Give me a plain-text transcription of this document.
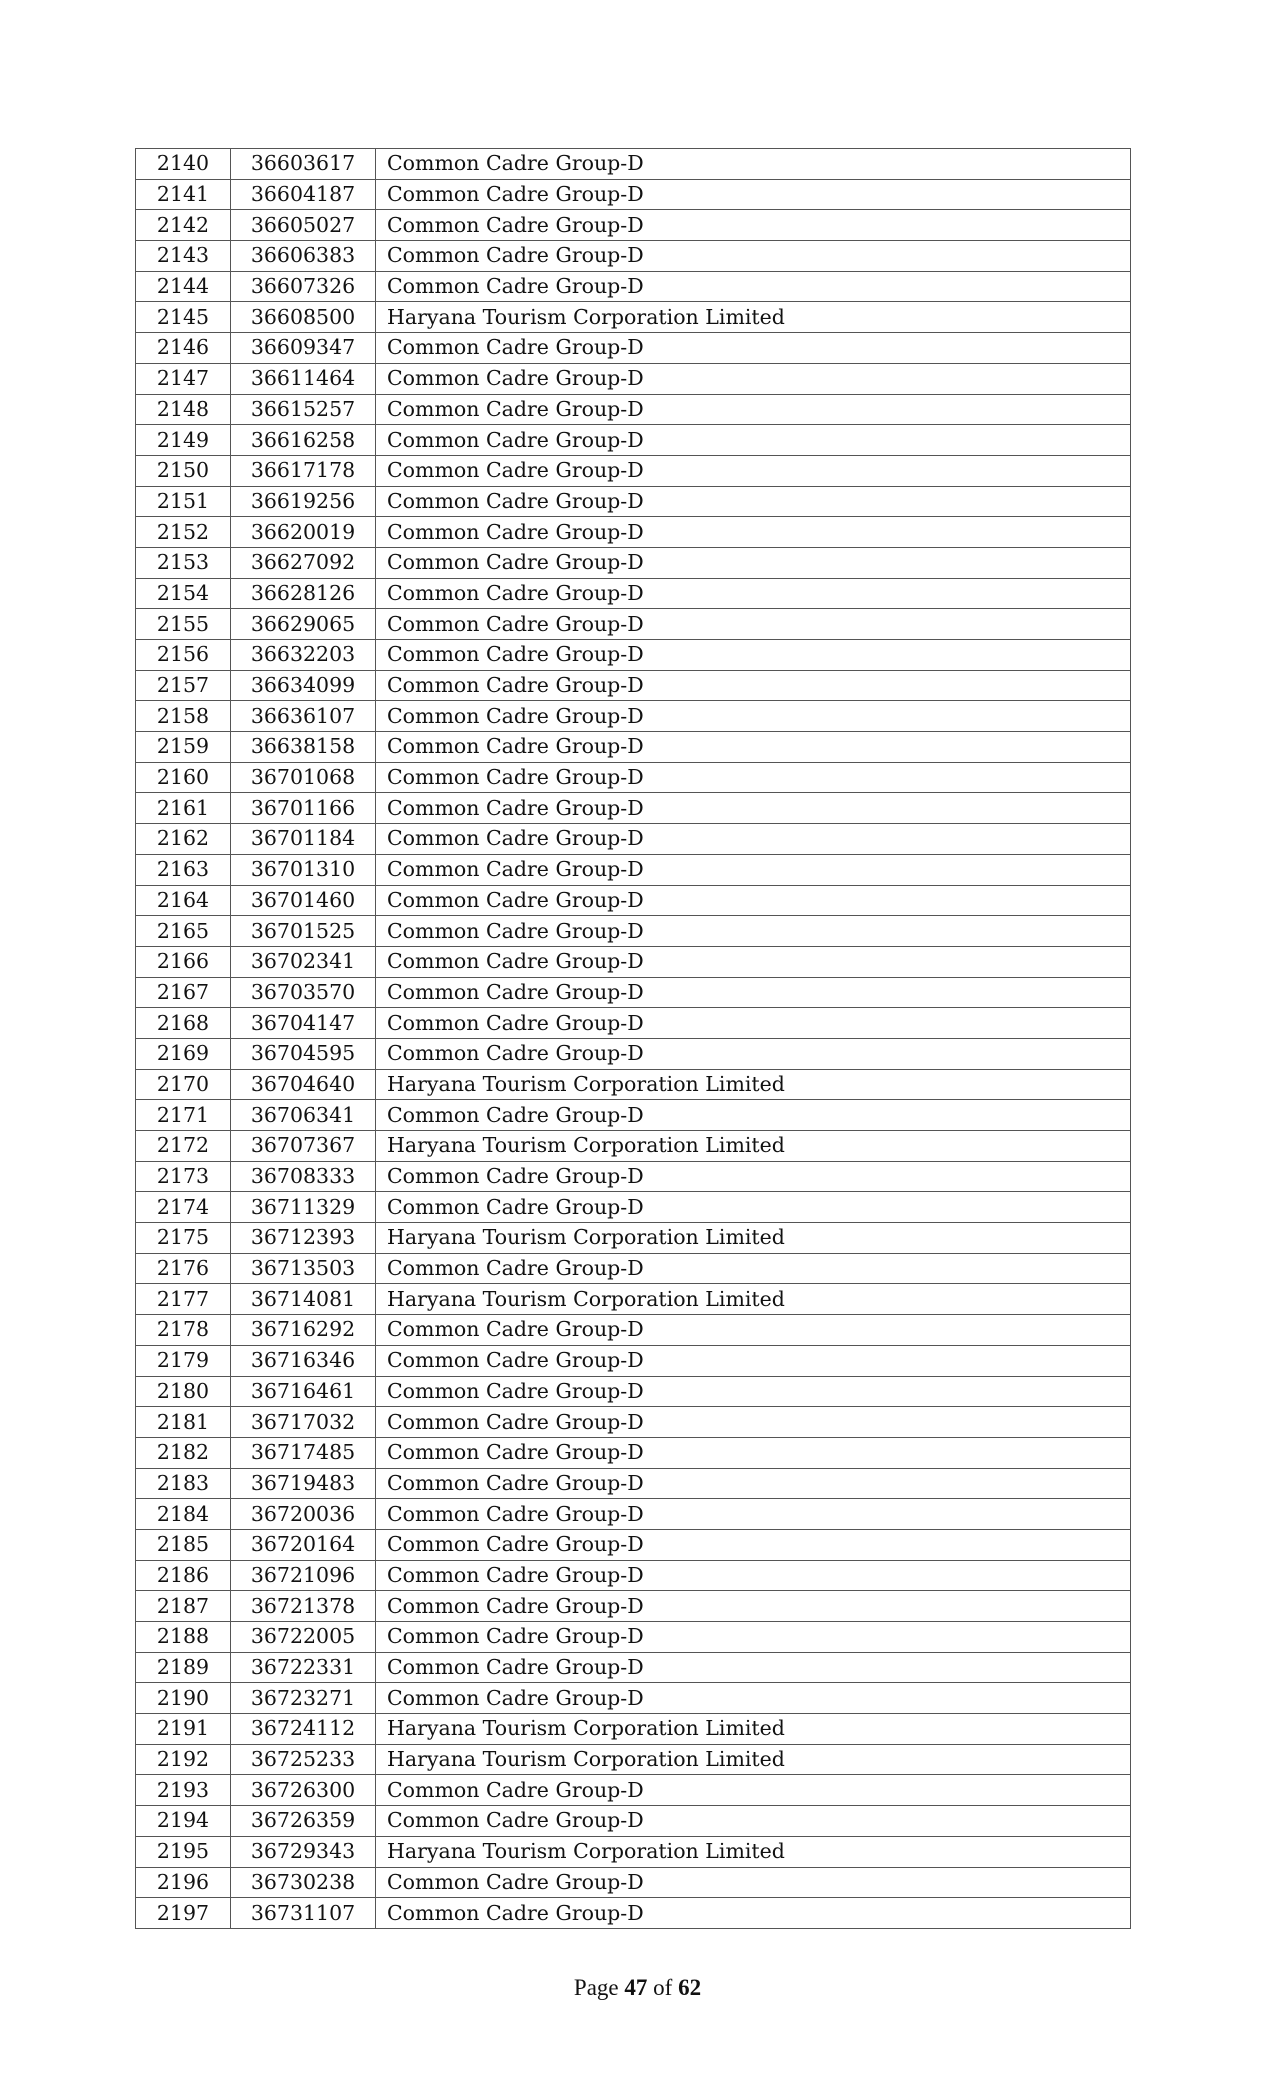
2140	36603617	Common Cadre Group-D
2141	36604187	Common Cadre Group-D
2142	36605027	Common Cadre Group-D
2143	36606383	Common Cadre Group-D
2144	36607326	Common Cadre Group-D
2145	36608500	Haryana Tourism Corporation Limited
2146	36609347	Common Cadre Group-D
2147	36611464	Common Cadre Group-D
2148	36615257	Common Cadre Group-D
2149	36616258	Common Cadre Group-D
2150	36617178	Common Cadre Group-D
2151	36619256	Common Cadre Group-D
2152	36620019	Common Cadre Group-D
2153	36627092	Common Cadre Group-D
2154	36628126	Common Cadre Group-D
2155	36629065	Common Cadre Group-D
2156	36632203	Common Cadre Group-D
2157	36634099	Common Cadre Group-D
2158	36636107	Common Cadre Group-D
2159	36638158	Common Cadre Group-D
2160	36701068	Common Cadre Group-D
2161	36701166	Common Cadre Group-D
2162	36701184	Common Cadre Group-D
2163	36701310	Common Cadre Group-D
2164	36701460	Common Cadre Group-D
2165	36701525	Common Cadre Group-D
2166	36702341	Common Cadre Group-D
2167	36703570	Common Cadre Group-D
2168	36704147	Common Cadre Group-D
2169	36704595	Common Cadre Group-D
2170	36704640	Haryana Tourism Corporation Limited
2171	36706341	Common Cadre Group-D
2172	36707367	Haryana Tourism Corporation Limited
2173	36708333	Common Cadre Group-D
2174	36711329	Common Cadre Group-D
2175	36712393	Haryana Tourism Corporation Limited
2176	36713503	Common Cadre Group-D
2177	36714081	Haryana Tourism Corporation Limited
2178	36716292	Common Cadre Group-D
2179	36716346	Common Cadre Group-D
2180	36716461	Common Cadre Group-D
2181	36717032	Common Cadre Group-D
2182	36717485	Common Cadre Group-D
2183	36719483	Common Cadre Group-D
2184	36720036	Common Cadre Group-D
2185	36720164	Common Cadre Group-D
2186	36721096	Common Cadre Group-D
2187	36721378	Common Cadre Group-D
2188	36722005	Common Cadre Group-D
2189	36722331	Common Cadre Group-D
2190	36723271	Common Cadre Group-D
2191	36724112	Haryana Tourism Corporation Limited
2192	36725233	Haryana Tourism Corporation Limited
2193	36726300	Common Cadre Group-D
2194	36726359	Common Cadre Group-D
2195	36729343	Haryana Tourism Corporation Limited
2196	36730238	Common Cadre Group-D
2197	36731107	Common Cadre Group-D
Page 47 of 62
